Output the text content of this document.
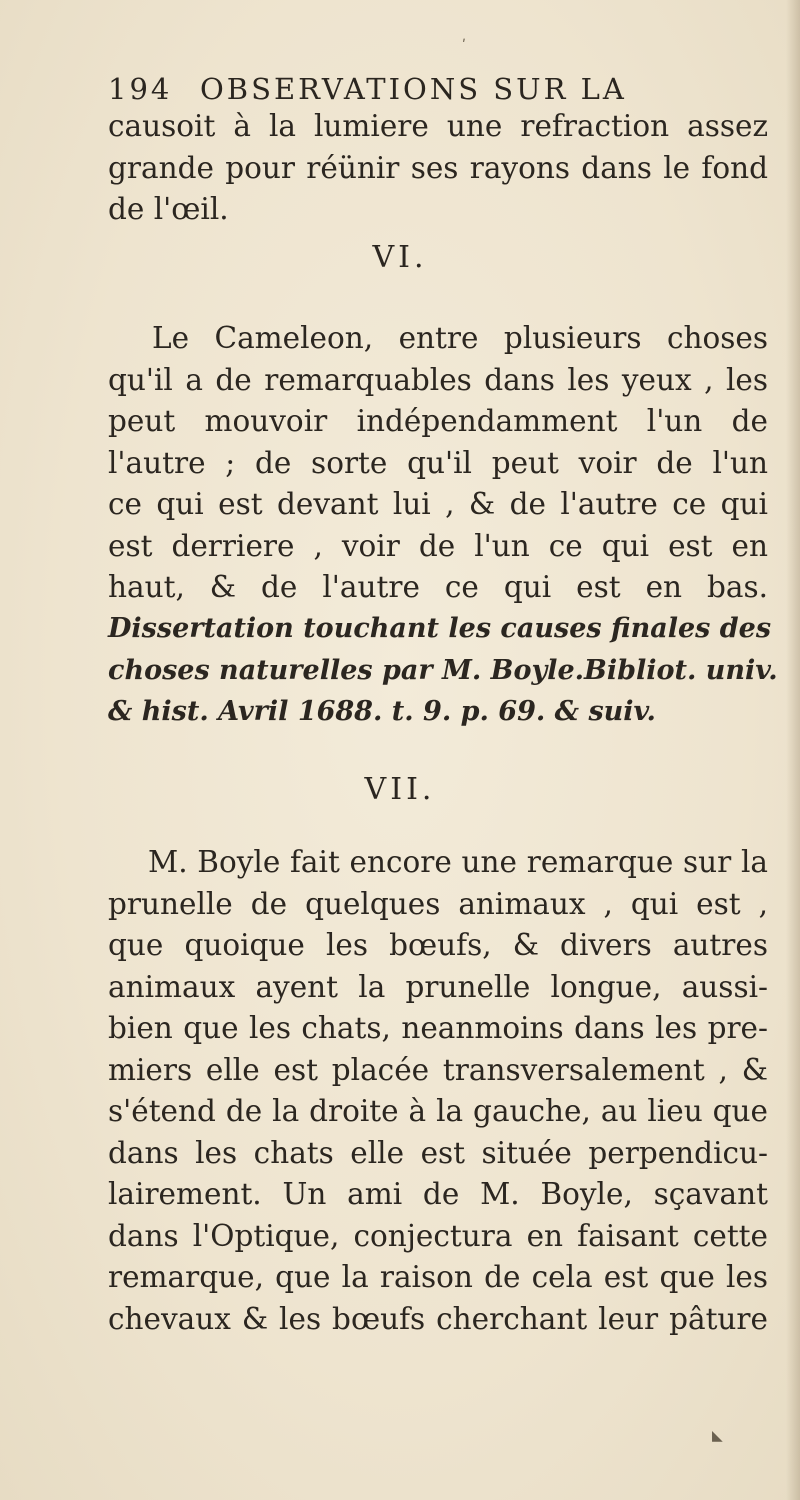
ʹ
194 OBSERVATIONS SUR LA
causoit à la lumiere une refraction assez
grande pour réünir ses rayons dans le fond
de l'œil.
VI.
Le Cameleon, entre plusieurs choses
qu'il a de remarquables dans les yeux , les
peut mouvoir indépendamment l'un de
l'autre ; de sorte qu'il peut voir de l'un
ce qui est devant lui , & de l'autre ce qui
est derriere , voir de l'un ce qui est en
haut, & de l'autre ce qui est en bas.
Dissertation touchant les causes finales des
choses naturelles par M. Boyle.Bibliot. univ.
& hist. Avril 1688. t. 9. p. 69. & suiv.
VII.
M. Boyle fait encore une remarque sur la
prunelle de quelques animaux , qui est ,
que quoique les bœufs, & divers autres
animaux ayent la prunelle longue, aussi-
bien que les chats, neanmoins dans les pre-
miers elle est placée transversalement , &
s'étend de la droite à la gauche, au lieu que
dans les chats elle est située perpendicu-
lairement. Un ami de M. Boyle, sçavant
dans l'Optique, conjectura en faisant cette
remarque, que la raison de cela est que les
chevaux & les bœufs cherchant leur pâture
◣
